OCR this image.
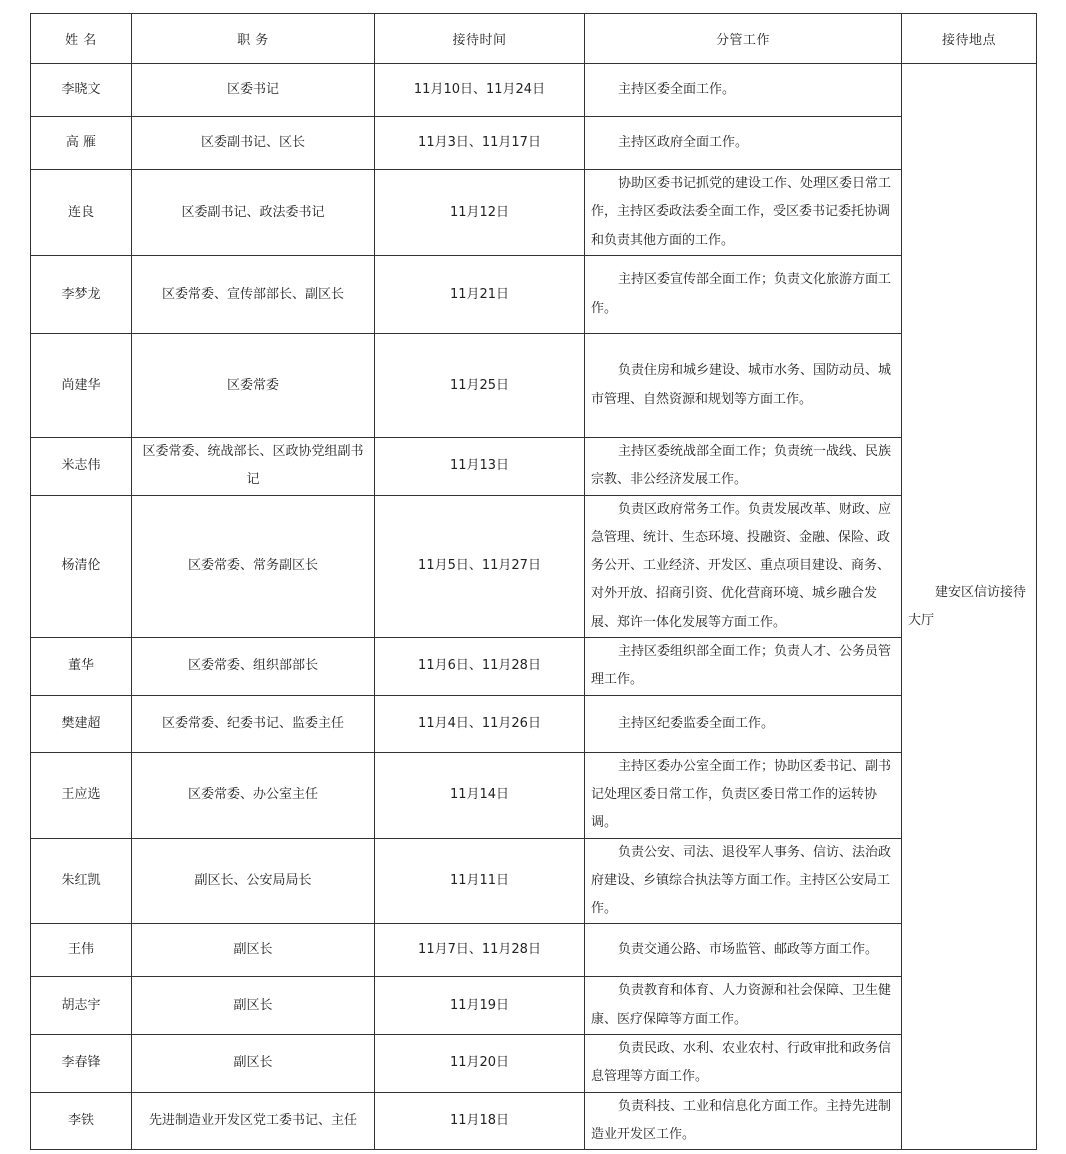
姓 名	职 务	接待时间	分管工作	接待地点
李晓文	区委书记	11月10日、11月24日	主持区委全面工作。	建安区信访接待大厅
高 雁	区委副书记、区长	11月3日、11月17日	主持区政府全面工作。	
连良	区委副书记、政法委书记	11月12日	协助区委书记抓党的建设工作、处理区委日常工作，主持区委政法委全面工作，受区委书记委托协调和负责其他方面的工作。	
李梦龙	区委常委、宣传部部长、副区长	11月21日	主持区委宣传部全面工作；负责文化旅游方面工作。	
尚建华	区委常委	11月25日	负责住房和城乡建设、城市水务、国防动员、城市管理、自然资源和规划等方面工作。	
米志伟	区委常委、统战部长、区政协党组副书记	11月13日	主持区委统战部全面工作；负责统一战线、民族宗教、非公经济发展工作。	
杨清伦	区委常委、常务副区长	11月5日、11月27日	负责区政府常务工作。负责发展改革、财政、应急管理、统计、生态环境、投融资、金融、保险、政务公开、工业经济、开发区、重点项目建设、商务、对外开放、招商引资、优化营商环境、城乡融合发展、郑许一体化发展等方面工作。	
董华	区委常委、组织部部长	11月6日、11月28日	主持区委组织部全面工作；负责人才、公务员管理工作。	
樊建超	区委常委、纪委书记、监委主任	11月4日、11月26日	主持区纪委监委全面工作。	
王应选	区委常委、办公室主任	11月14日	主持区委办公室全面工作；协助区委书记、副书记处理区委日常工作，负责区委日常工作的运转协调。	
朱红凯	副区长、公安局局长	11月11日	负责公安、司法、退役军人事务、信访、法治政府建设、乡镇综合执法等方面工作。主持区公安局工作。	
王伟	副区长	11月7日、11月28日	负责交通公路、市场监管、邮政等方面工作。	
胡志宇	副区长	11月19日	负责教育和体育、人力资源和社会保障、卫生健康、医疗保障等方面工作。	
李春锋	副区长	11月20日	负责民政、水利、农业农村、行政审批和政务信息管理等方面工作。	
李铁	先进制造业开发区党工委书记、主任	11月18日	负责科技、工业和信息化方面工作。主持先进制造业开发区工作。	
